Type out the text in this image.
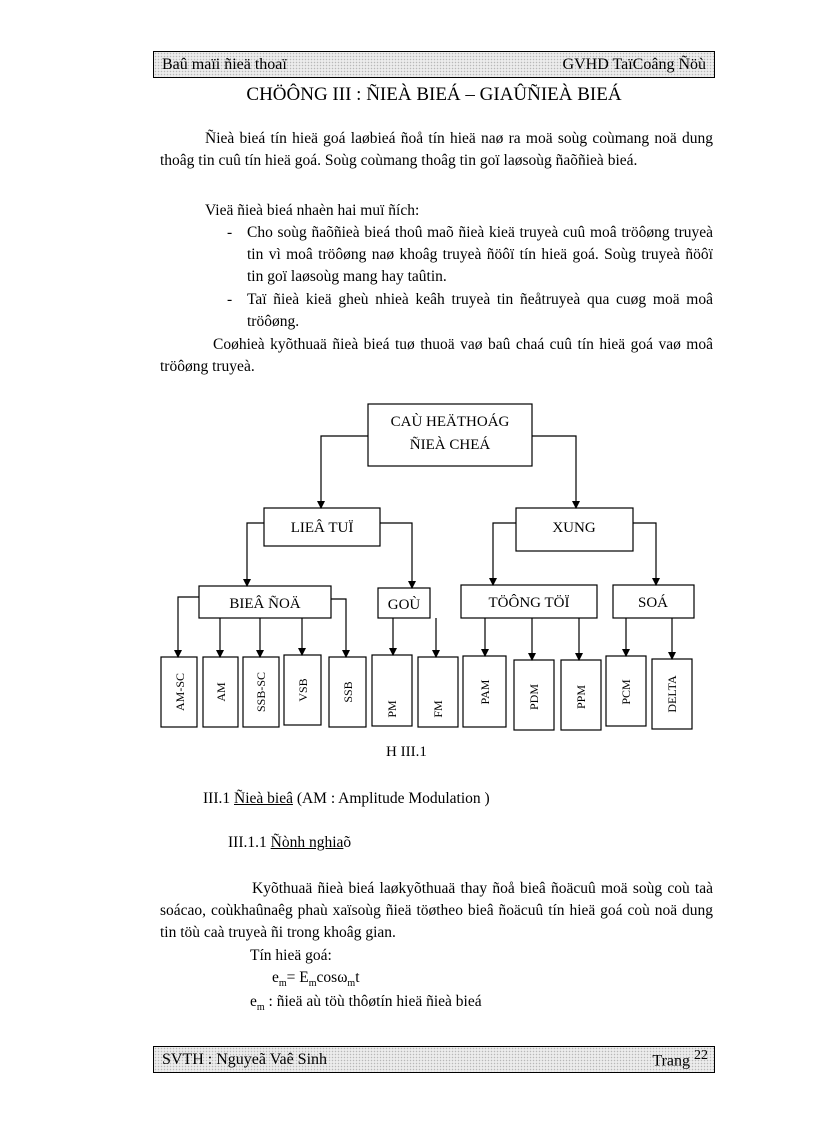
Baû maïi ñieä thoaï	GVHD TaïCoâng Ñöù
CHÖÔNG III : ÑIEÀ BIEÁ – GIAÛÑIEÀ BIEÁ
Ñieà bieá tín hieä goá laøbieá ñoå tín hieä naø ra moä soùg coùmang noä dung thoâg tin cuû tín hieä goá. Soùg coùmang thoâg tin goï laøsoùg ñaõñieà bieá.
Vieä ñieà bieá nhaèn hai muï ñích:
- Cho soùg ñaõñieà bieá thoû maõ ñieà kieä truyeà cuû moâ tröôøng truyeà tin vì moâ tröôøng naø khoâg truyeà ñöôï tín hieä goá. Soùg truyeà ñöôï tin goï laøsoùg mang hay taûtin.
- Taï ñieà kieä gheù nhieà keâh truyeà tin ñeåtruyeà qua cuøg moä moâ tröôøng.
Coøhieà kyõthuaä ñieà bieá tuø thuoä vaø baû chaá cuû tín hieä goá vaø moâ tröôøng truyeà.
CAÙ HEÄTHOÁG
ÑIEÀ CHEÁ
LIEÂ TUÏ	XUNG
BIEÂ ÑOÄ	GOÙ	TÖÔNG TÖÏ	SOÁ
AM-SC AM SSB-SC VSB	SSB
PM	FM
PAM	PDM	PPM	PCM	DELTA
H III.1
III.1 Ñieà bieâ (AM : Amplitude Modulation )
III.1.1 Ñònh nghiaõ
Kyõthuaä ñieà bieá laøkyõthuaä thay ñoå bieâ ñoäcuû moä soùg coù taà soácao, coùkhaûnaêg phaù xaïsoùg ñieä töøtheo bieâ ñoäcuû tín hieä goá coù noä dung tin töù caà truyeà ñi trong khoâg gian.
Tín hieä goá:
$e_m= E_m\cos\omega_mt$
$e_m$ : ñieä aù töù thôøtín hieä ñieà bieá
SVTH : Nguyeã Vaê Sinh	Trang $^{22}$
